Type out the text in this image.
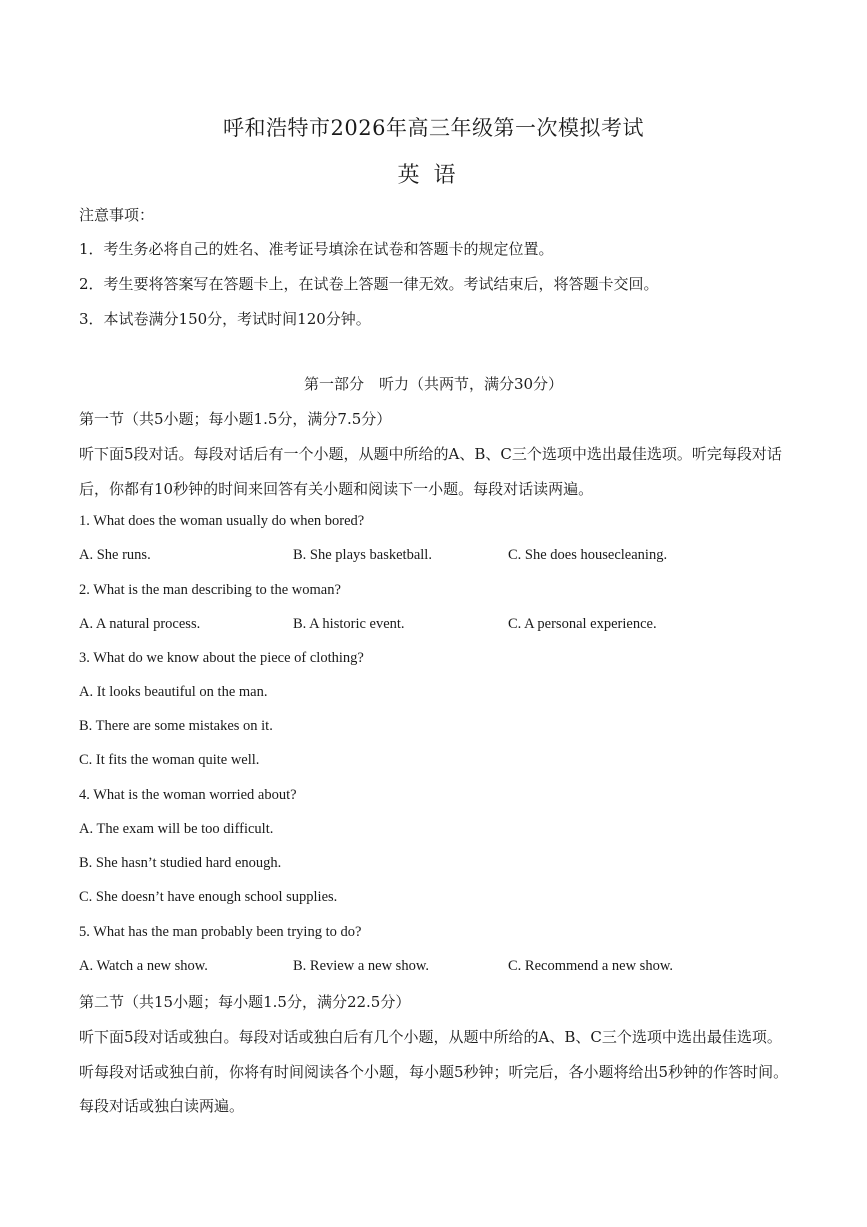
呼和浩特市2026年高三年级第一次模拟考试
英语
注意事项：
1．考生务必将自己的姓名、准考证号填涂在试卷和答题卡的规定位置。
2．考生要将答案写在答题卡上，在试卷上答题一律无效。考试结束后，将答题卡交回。
3．本试卷满分150分，考试时间120分钟。
第一部分　听力（共两节，满分30分）
第一节（共5小题；每小题1.5分，满分7.5分）
听下面5段对话。每段对话后有一个小题，从题中所给的A、B、C三个选项中选出最佳选项。听完每段对话
后，你都有10秒钟的时间来回答有关小题和阅读下一小题。每段对话读两遍。
1. What does the woman usually do when bored?
A. She runs.	B. She plays basketball.	C. She does housecleaning.
2. What is the man describing to the woman?
A. A natural process.	B. A historic event.	C. A personal experience.
3. What do we know about the piece of clothing?
A. It looks beautiful on the man.
B. There are some mistakes on it.
C. It fits the woman quite well.
4. What is the woman worried about?
A. The exam will be too difficult.
B. She hasn’t studied hard enough.
C. She doesn’t have enough school supplies.
5. What has the man probably been trying to do?
A. Watch a new show.	B. Review a new show.	C. Recommend a new show.
第二节（共15小题；每小题1.5分，满分22.5分）
听下面5段对话或独白。每段对话或独白后有几个小题，从题中所给的A、B、C三个选项中选出最佳选项。
听每段对话或独白前，你将有时间阅读各个小题，每小题5秒钟；听完后，各小题将给出5秒钟的作答时间。
每段对话或独白读两遍。
